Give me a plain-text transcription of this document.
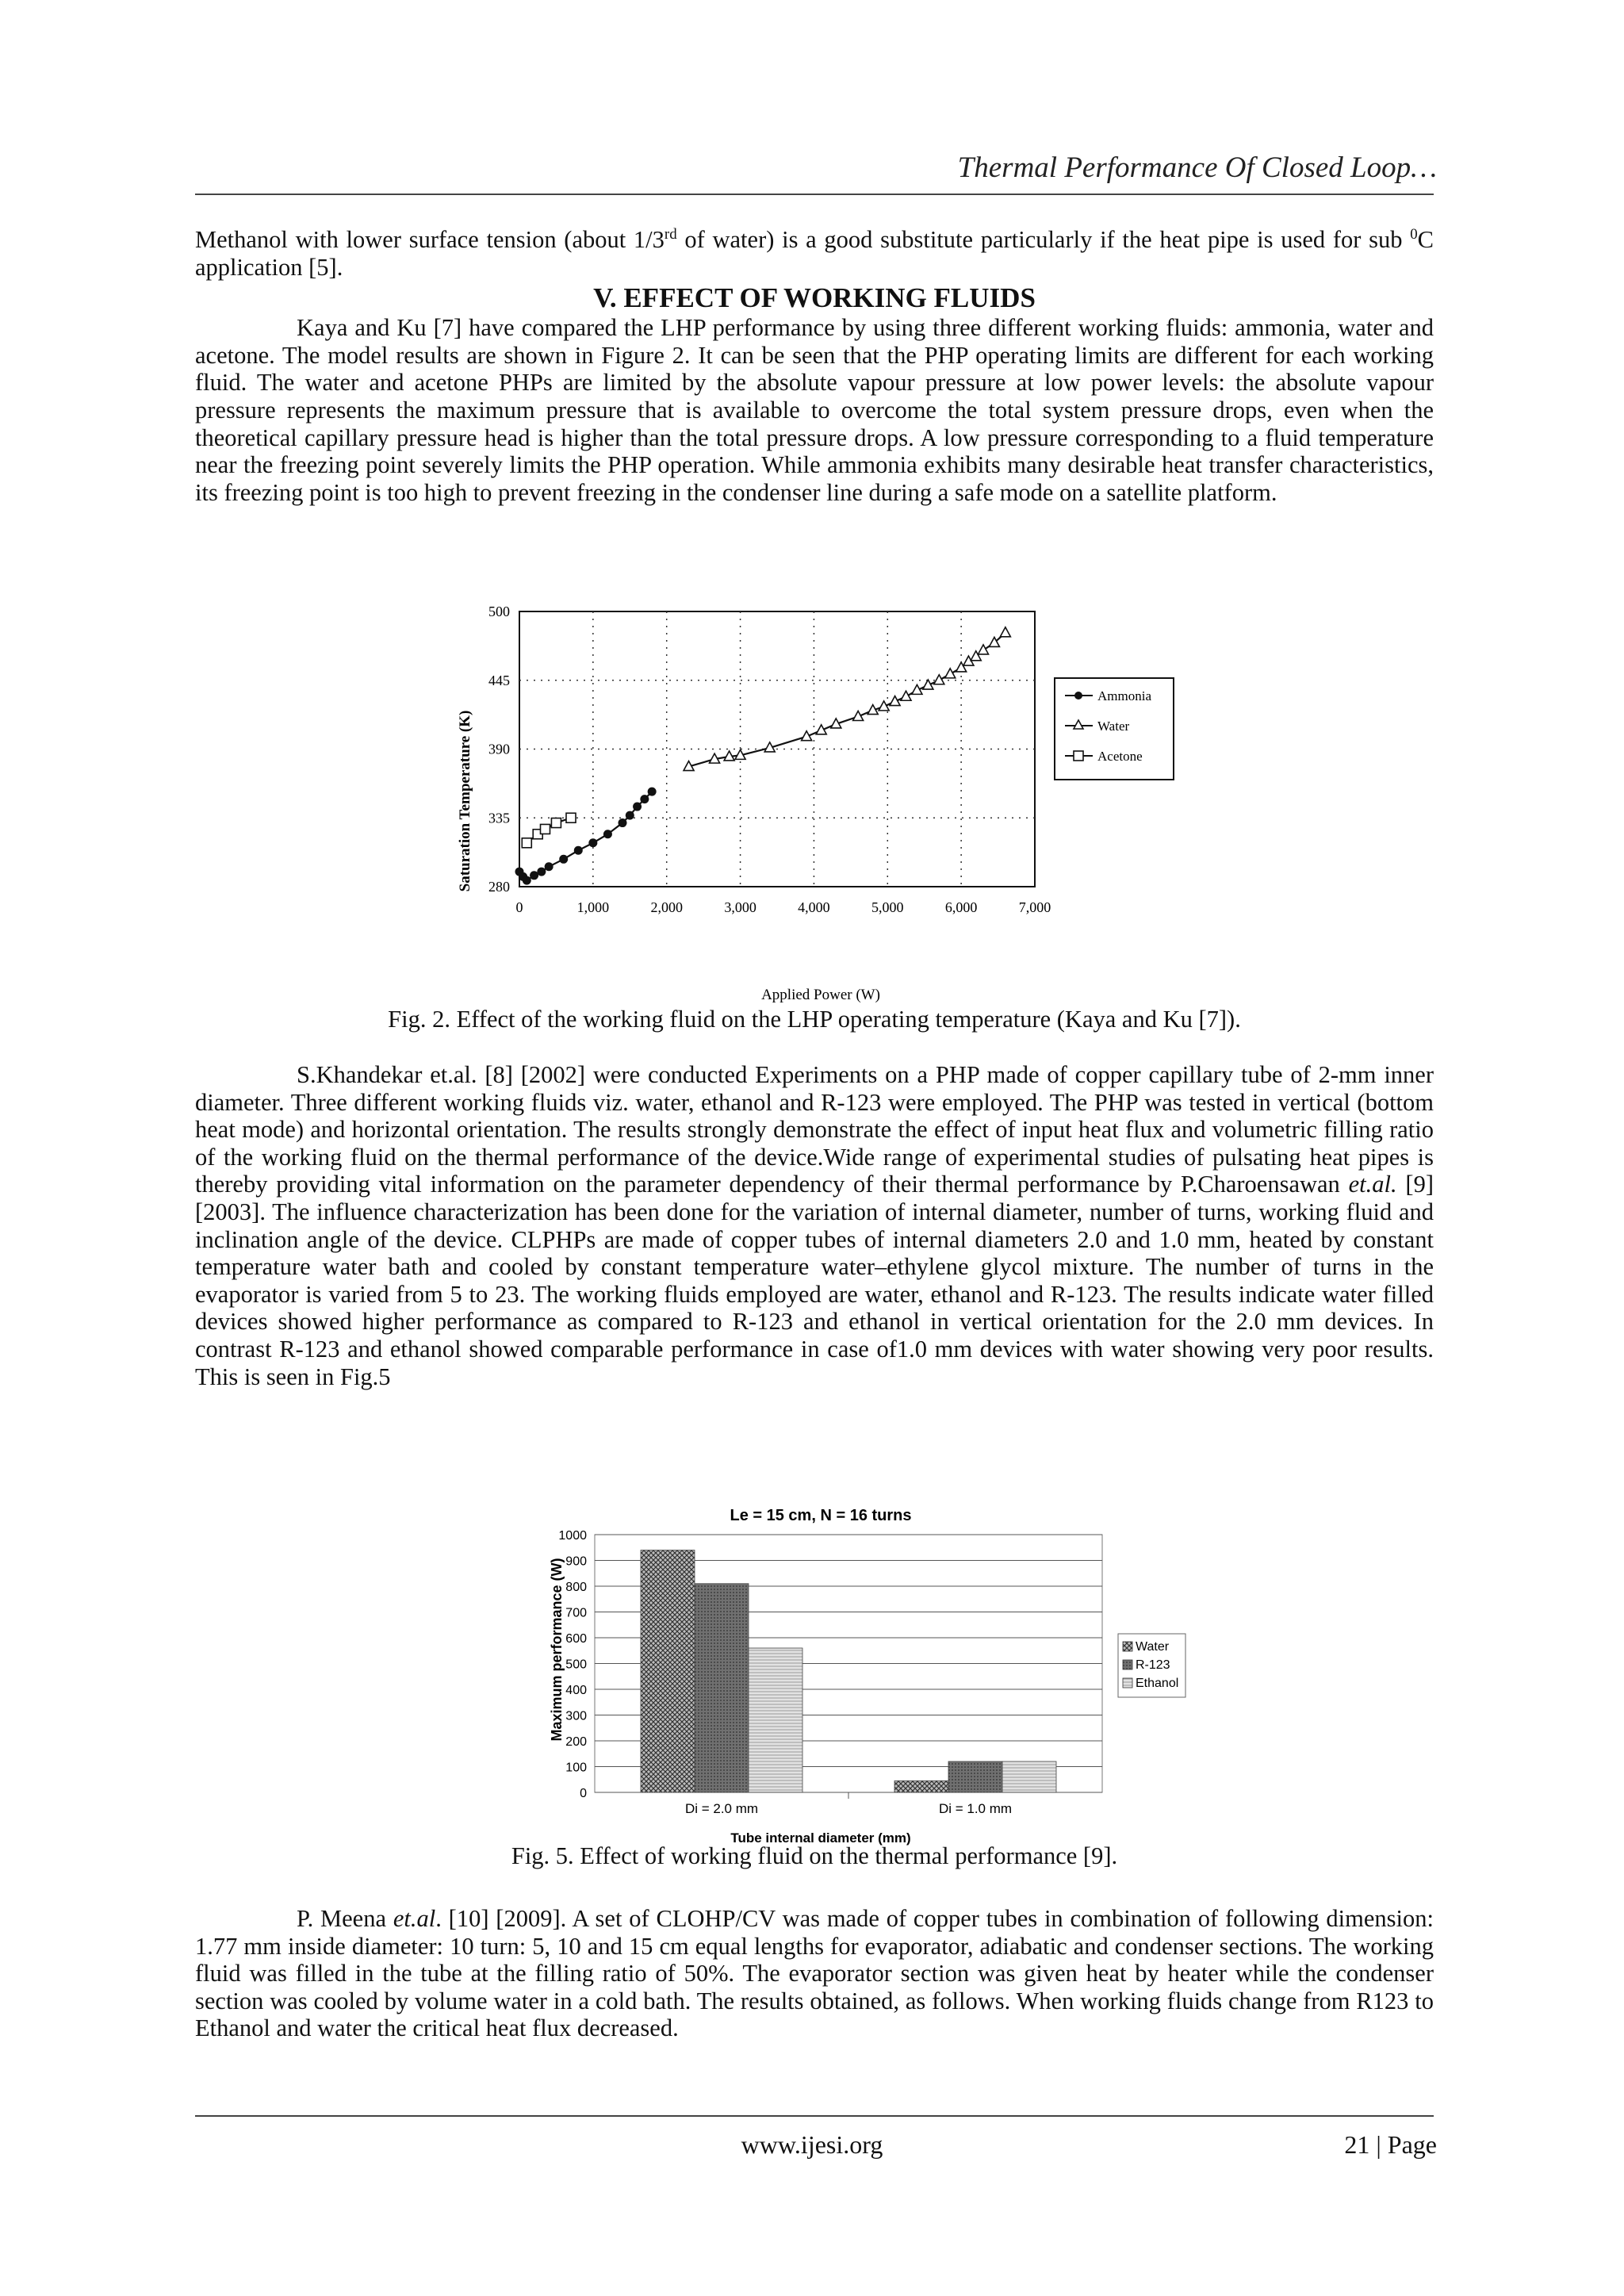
Thermal Performance Of Closed Loop…

Methanol with lower surface tension (about 1/3rd of water) is a good substitute particularly if the heat pipe is used for sub $^0$C application [5].

V. EFFECT OF WORKING FLUIDS

Kaya and Ku [7] have compared the LHP performance by using three different working fluids: ammonia, water and acetone. The model results are shown in Figure 2. It can be seen that the PHP operating limits are different for each working fluid. The water and acetone PHPs are limited by the absolute vapour pressure at low power levels: the absolute vapour pressure represents the maximum pressure that is available to overcome the total system pressure drops, even when the theoretical capillary pressure head is higher than the total pressure drops. A low pressure corresponding to a fluid temperature near the freezing point severely limits the PHP operation. While ammonia exhibits many desirable heat transfer characteristics, its freezing point is too high to prevent freezing in the condenser line during a safe mode on a satellite platform.

0	1,000	2,000	3,000	4,000	5,000	6,000	7,000
280
335
390
445
500
Saturation Temperature (K)
Applied Power (W)
Ammonia
Water
Acetone
Fig. 2. Effect of the working fluid on the LHP operating temperature (Kaya and Ku [7]).

S.Khandekar et.al. [8] [2002] were conducted Experiments on a PHP made of copper capillary tube of 2-mm inner diameter. Three different working fluids viz. water, ethanol and R-123 were employed. The PHP was tested in vertical (bottom heat mode) and horizontal orientation. The results strongly demonstrate the effect of input heat flux and volumetric filling ratio of the working fluid on the thermal performance of the device.Wide range of experimental studies of pulsating heat pipes is thereby providing vital information on the parameter dependency of their thermal performance by P.Charoensawan et.al. [9] [2003]. The influence characterization has been done for the variation of internal diameter, number of turns, working fluid and inclination angle of the device. CLPHPs are made of copper tubes of internal diameters 2.0 and 1.0 mm, heated by constant temperature water bath and cooled by constant temperature water–ethylene glycol mixture. The number of turns in the evaporator is varied from 5 to 23. The working fluids employed are water, ethanol and R-123. The results indicate water filled devices showed higher performance as compared to R-123 and ethanol in vertical orientation for the 2.0 mm devices. In contrast R-123 and ethanol showed comparable performance in case of1.0 mm devices with water showing very poor results. This is seen in Fig.5

Le = 15 cm, N = 16 turns
0
100
200
300
400
500
600
700
800
900
1000
Di = 2.0 mm	Di = 1.0 mm
Maximum performance (W)
Tube internal diameter (mm)
Water
R-123
Ethanol
Fig. 5. Effect of working fluid on the thermal performance [9].

P. Meena et.al. [10] [2009]. A set of CLOHP/CV was made of copper tubes in combination of following dimension: 1.77 mm inside diameter: 10 turn: 5, 10 and 15 cm equal lengths for evaporator, adiabatic and condenser sections. The working fluid was filled in the tube at the filling ratio of 50%. The evaporator section was given heat by heater while the condenser section was cooled by volume water in a cold bath. The results obtained, as follows. When working fluids change from R123 to Ethanol and water the critical heat flux decreased.

www.ijesi.org	21 | Page
